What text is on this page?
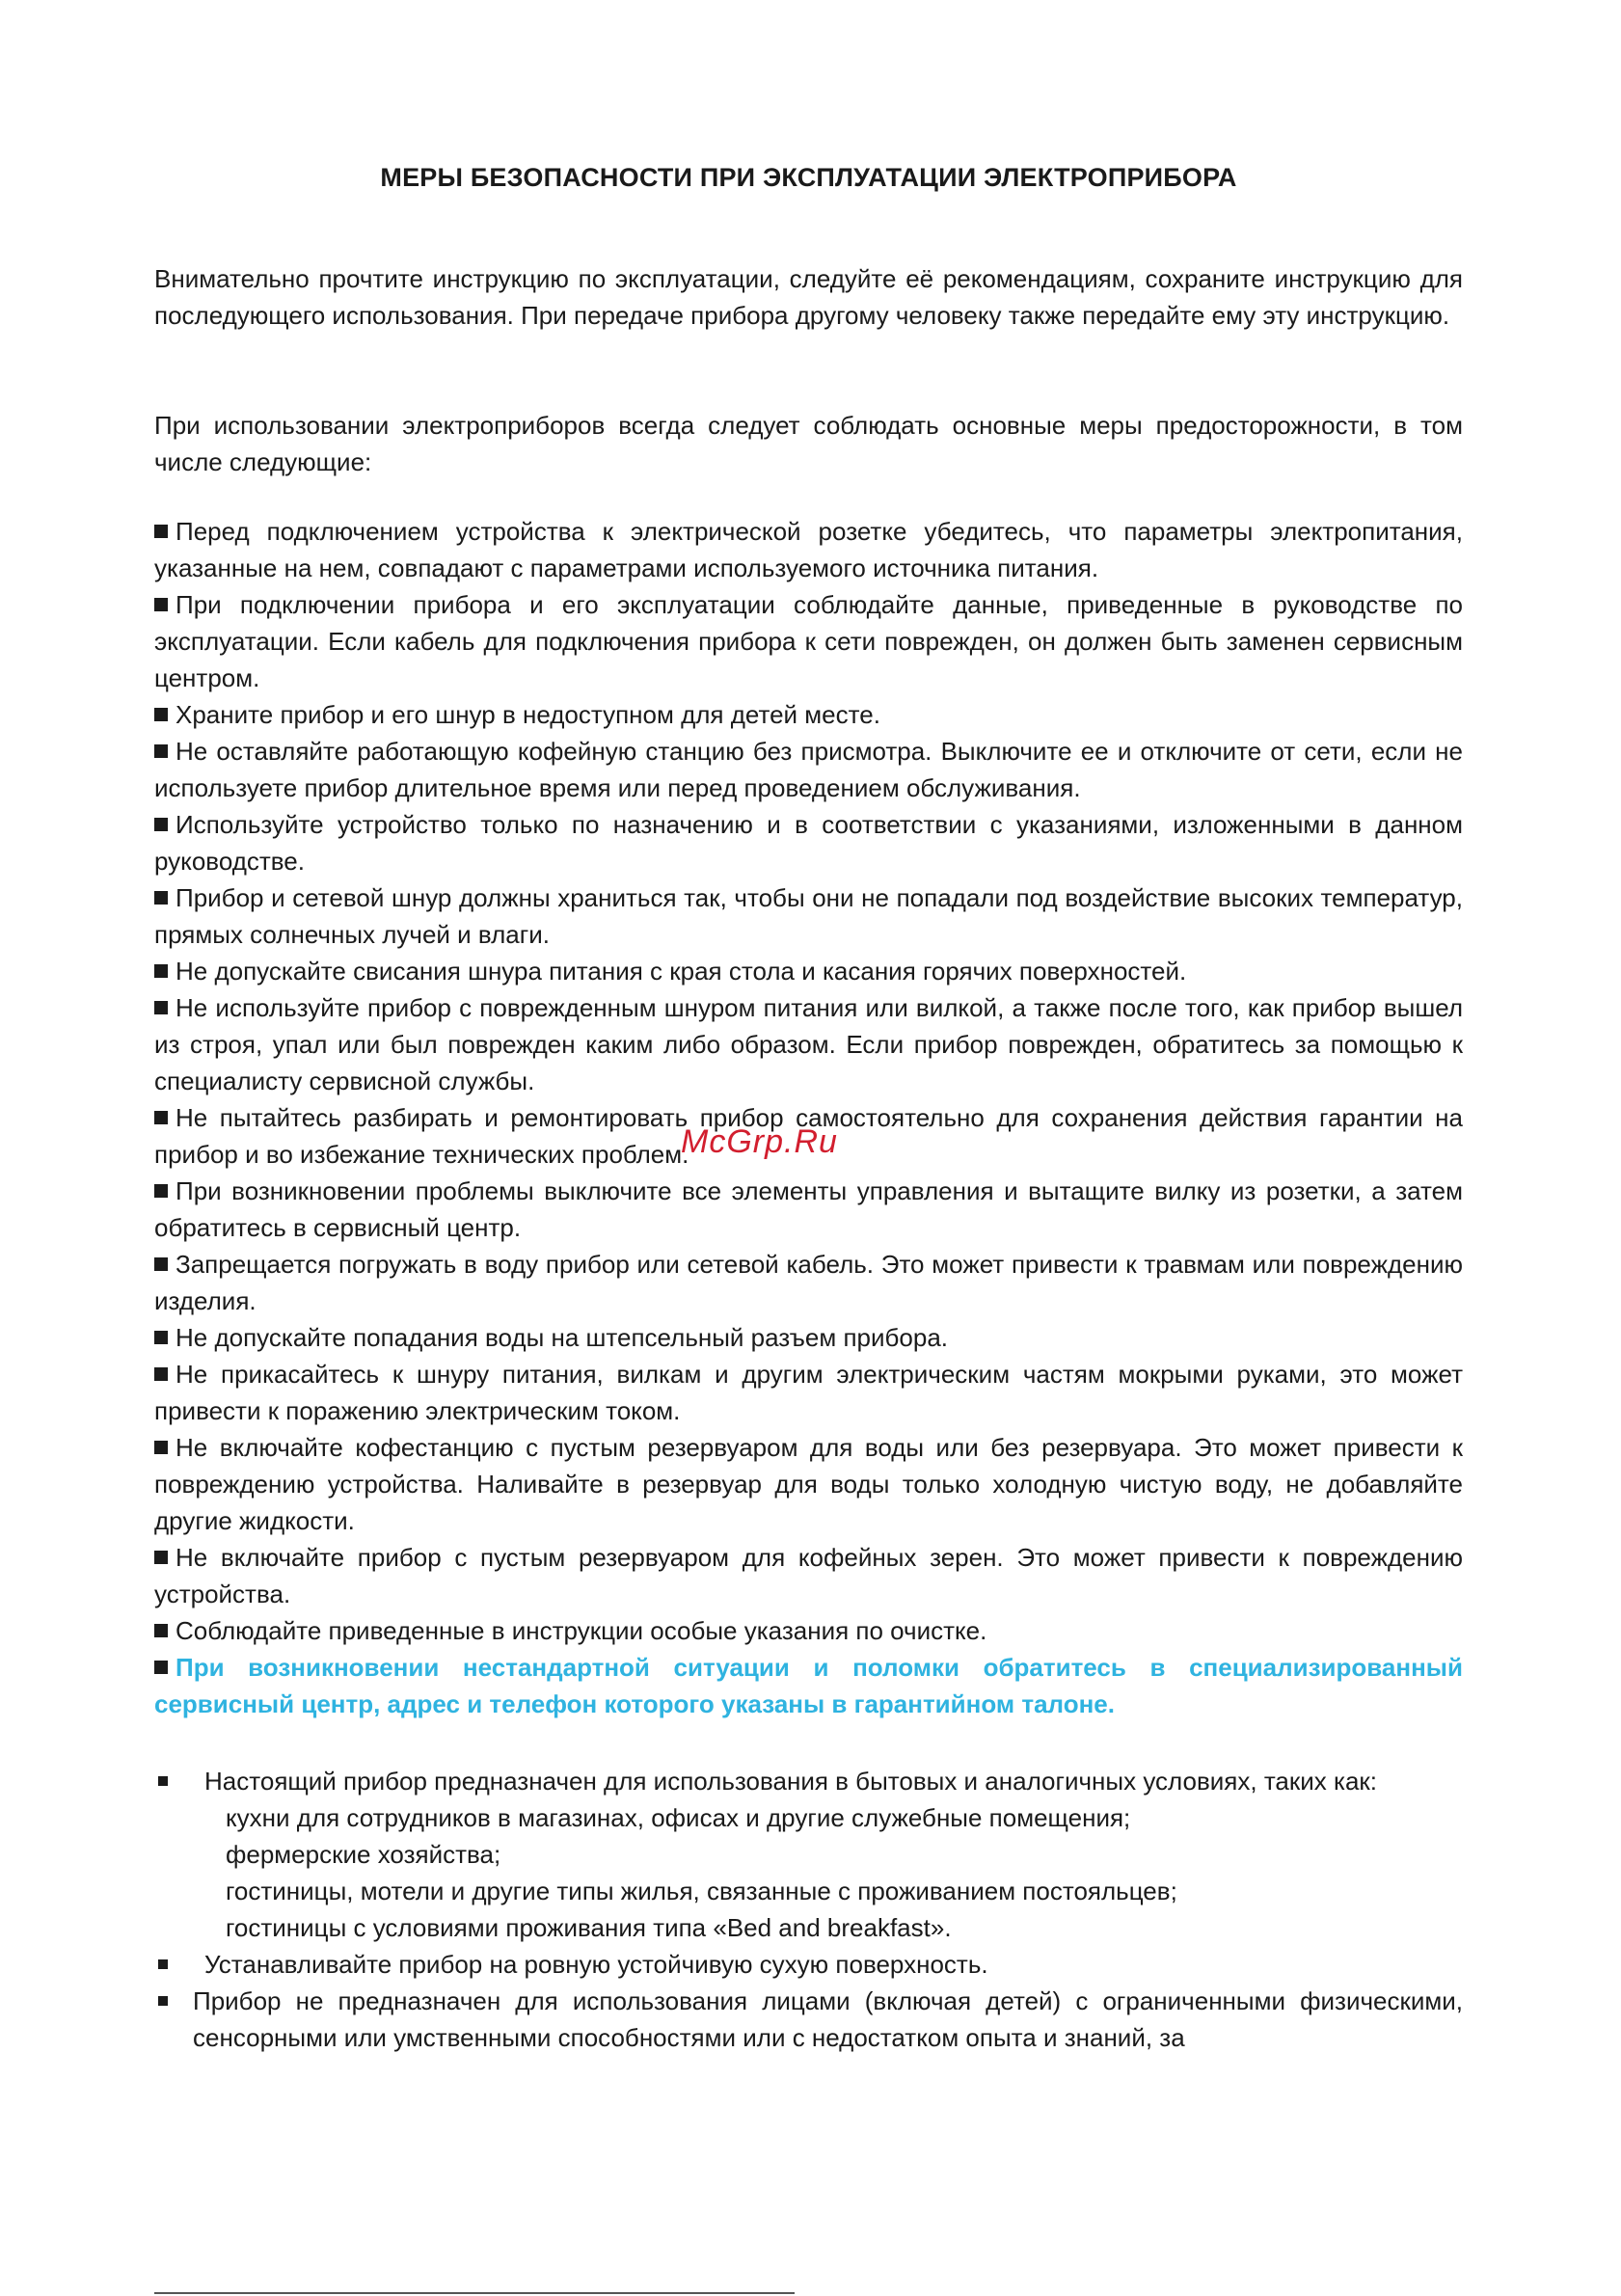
МЕРЫ БЕЗОПАСНОСТИ ПРИ ЭКСПЛУАТАЦИИ ЭЛЕКТРОПРИБОРА
Внимательно прочтите инструкцию по эксплуатации, следуйте её рекомендациям, сохраните инструкцию для последующего использования. При передаче прибора другому человеку также передайте ему эту инструкцию.
При использовании электроприборов всегда следует соблюдать основные меры предосторожности, в том числе следующие:

Перед подключением устройства к электрической розетке убедитесь, что параметры электропитания, указанные на нем, совпадают с параметрами используемого источника питания.

При подключении прибора и его эксплуатации соблюдайте данные, приведенные в руководстве по эксплуатации. Если кабель для подключения прибора к сети поврежден, он должен быть заменен сервисным центром.

Храните прибор и его шнур в недоступном для детей месте.

Не оставляйте работающую кофейную станцию без присмотра. Выключите ее и отключите от сети, если не используете прибор длительное время или перед проведением обслуживания.

Используйте устройство только по назначению и в соответствии с указаниями, изложенными в данном руководстве.

Прибор и сетевой шнур должны храниться так, чтобы они не попадали под воздействие высоких температур, прямых солнечных лучей и влаги.

Не допускайте свисания шнура питания с края стола и касания горячих поверхностей.

Не используйте прибор с поврежденным шнуром питания или вилкой, а также после того, как прибор вышел из строя, упал или был поврежден каким либо образом. Если прибор поврежден, обратитесь за помощью к специалисту сервисной службы.

Не пытайтесь разбирать и ремонтировать прибор самостоятельно для сохранения действия гарантии на прибор и во избежание технических проблем.

При возникновении проблемы выключите все элементы управления и вытащите вилку из розетки, а затем обратитесь в сервисный центр.

Запрещается погружать в воду прибор или сетевой кабель. Это может привести к травмам или повреждению изделия.

Не допускайте попадания воды на штепсельный разъем прибора.

Не прикасайтесь к шнуру питания, вилкам и другим электрическим частям мокрыми руками, это может привести к поражению электрическим током.

Не включайте кофестанцию с пустым резервуаром для воды или без резервуара. Это может привести к повреждению устройства. Наливайте в резервуар для воды только холодную чистую воду, не добавляйте другие жидкости.

Не включайте прибор с пустым резервуаром для кофейных зерен. Это может привести к повреждению устройства.

Соблюдайте приведенные в инструкции особые указания по очистке.

При возникновении нестандартной ситуации и поломки обратитесь в специализированный сервисный центр, адрес и телефон которого указаны в гарантийном талоне.

Настоящий прибор предназначен для использования в бытовых и аналогичных условиях, таких как:
кухни для сотрудников в магазинах, офисах и другие служебные помещения;
фермерские хозяйства;
гостиницы, мотели и другие типы жилья, связанные с проживанием постояльцев;
гостиницы с условиями проживания типа «Bed and breakfast».
Устанавливайте прибор на ровную устойчивую сухую поверхность.
Прибор не предназначен для использования лицами (включая детей) с ограниченными физическими, сенсорными или умственными способностями или с недостатком опыта и знаний, за
McGrp.Ru
